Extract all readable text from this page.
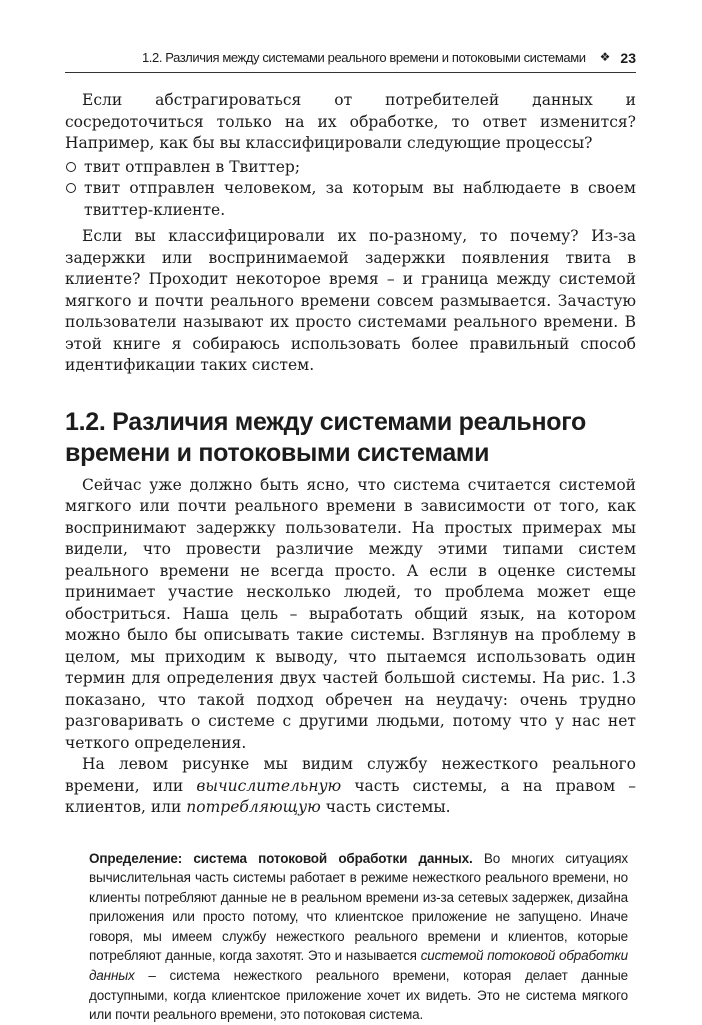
1.2. Различия между системами реального времени и потоковыми системами ❖ 23

Если абстрагироваться от потребителей данных и сосредоточиться только на их обработке, то ответ изменится? Например, как бы вы классифицировали следующие процессы?

твит отправлен в Твиттер;
твит отправлен человеком, за которым вы наблюдаете в своем твиттер-клиенте.

Если вы классифицировали их по-разному, то почему? Из-за задержки или воспринимаемой задержки появления твита в клиенте? Проходит некоторое время – и граница между системой мягкого и почти реального времени совсем размывается. Зачастую пользователи называют их просто системами реального времени. В этой книге я собираюсь использовать более правильный способ идентификации таких систем.

1.2. Различия между системами реального
времени и потоковыми системами

Сейчас уже должно быть ясно, что система считается системой мягкого или почти реального времени в зависимости от того, как воспринимают задержку пользователи. На простых примерах мы видели, что провести различие между этими типами систем реального времени не всегда просто. А если в оценке системы принимает участие несколько людей, то проблема может еще обостриться. Наша цель – выработать общий язык, на котором можно было бы описывать такие системы. Взглянув на проблему в целом, мы приходим к выводу, что пытаемся использовать один термин для определения двух частей большой системы. На рис. 1.3 показано, что такой подход обречен на неудачу: очень трудно разговаривать о системе с другими людьми, потому что у нас нет четкого определения.

На левом рисунке мы видим службу нежесткого реального времени, или вычислительную часть системы, а на правом – клиентов, или потребляющую часть системы.

Определение: система потоковой обработки данных. Во многих ситуациях вычислительная часть системы работает в режиме нежесткого реального времени, но клиенты потребляют данные не в реальном времени из-за сетевых задержек, дизайна приложения или просто потому, что клиентское приложение не запущено. Иначе говоря, мы имеем службу нежесткого реального времени и клиентов, которые потребляют данные, когда захотят. Это и называется системой потоковой обработки данных – система нежесткого реального времени, которая делает данные доступными, когда клиентское приложение хочет их видеть. Это не система мягкого или почти реального времени, это потоковая система.
